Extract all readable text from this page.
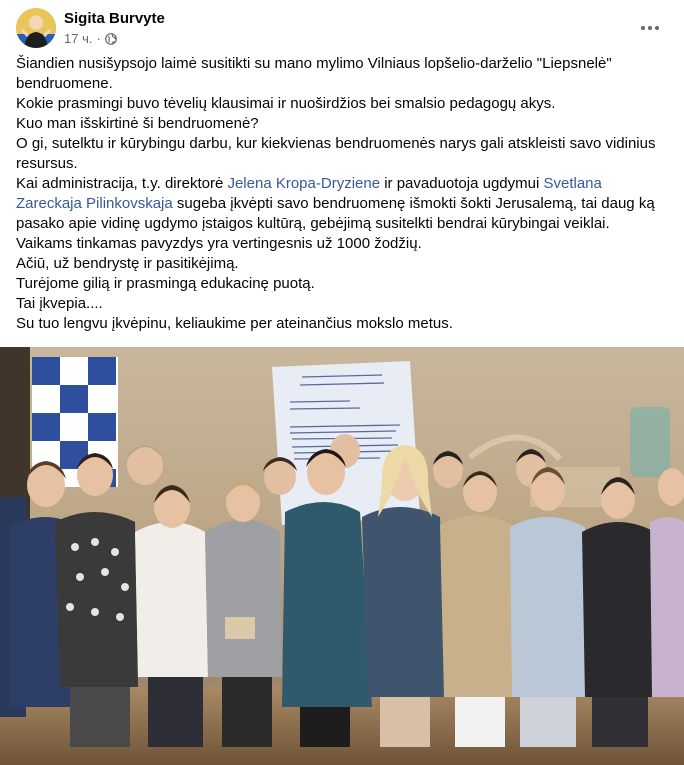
Sigita Burvyte
17 ч. ·

Šiandien nusišypsojo laimė susitikti su mano mylimo Vilniaus lopšelio-darželio "Liepsnelė" bendruomene.

Kokie prasmingi buvo tėvelių klausimai ir nuoširdžios bei smalsio pedagogų akys.

Kuo man išskirtinė ši bendruomenė?

O gi, sutelktu ir kūrybingu darbu, kur kiekvienas bendruomenės narys gali atskleisti savo vidinius resursus.

Kai administracija, t.y. direktorė Jelena Kropa-Dryziene ir pavaduotoja ugdymui Svetlana Zareckaja Pilinkovskaja sugeba įkvėpti savo bendruomenę išmokti šokti Jerusalemą, tai daug ką pasako apie vidinę ugdymo įstaigos kultūrą, gebėjimą susitelkti bendrai kūrybingai veiklai.

Vaikams tinkamas pavyzdys yra vertingesnis už 1000 žodžių.

Ačiū, už bendrystę ir pasitikėjimą.

Turėjome gilią ir prasmingą edukacinę puotą.

Tai įkvepia....

Su tuo lengvu įkvėpinu, keliaukime per ateinančius mokslo metus.
